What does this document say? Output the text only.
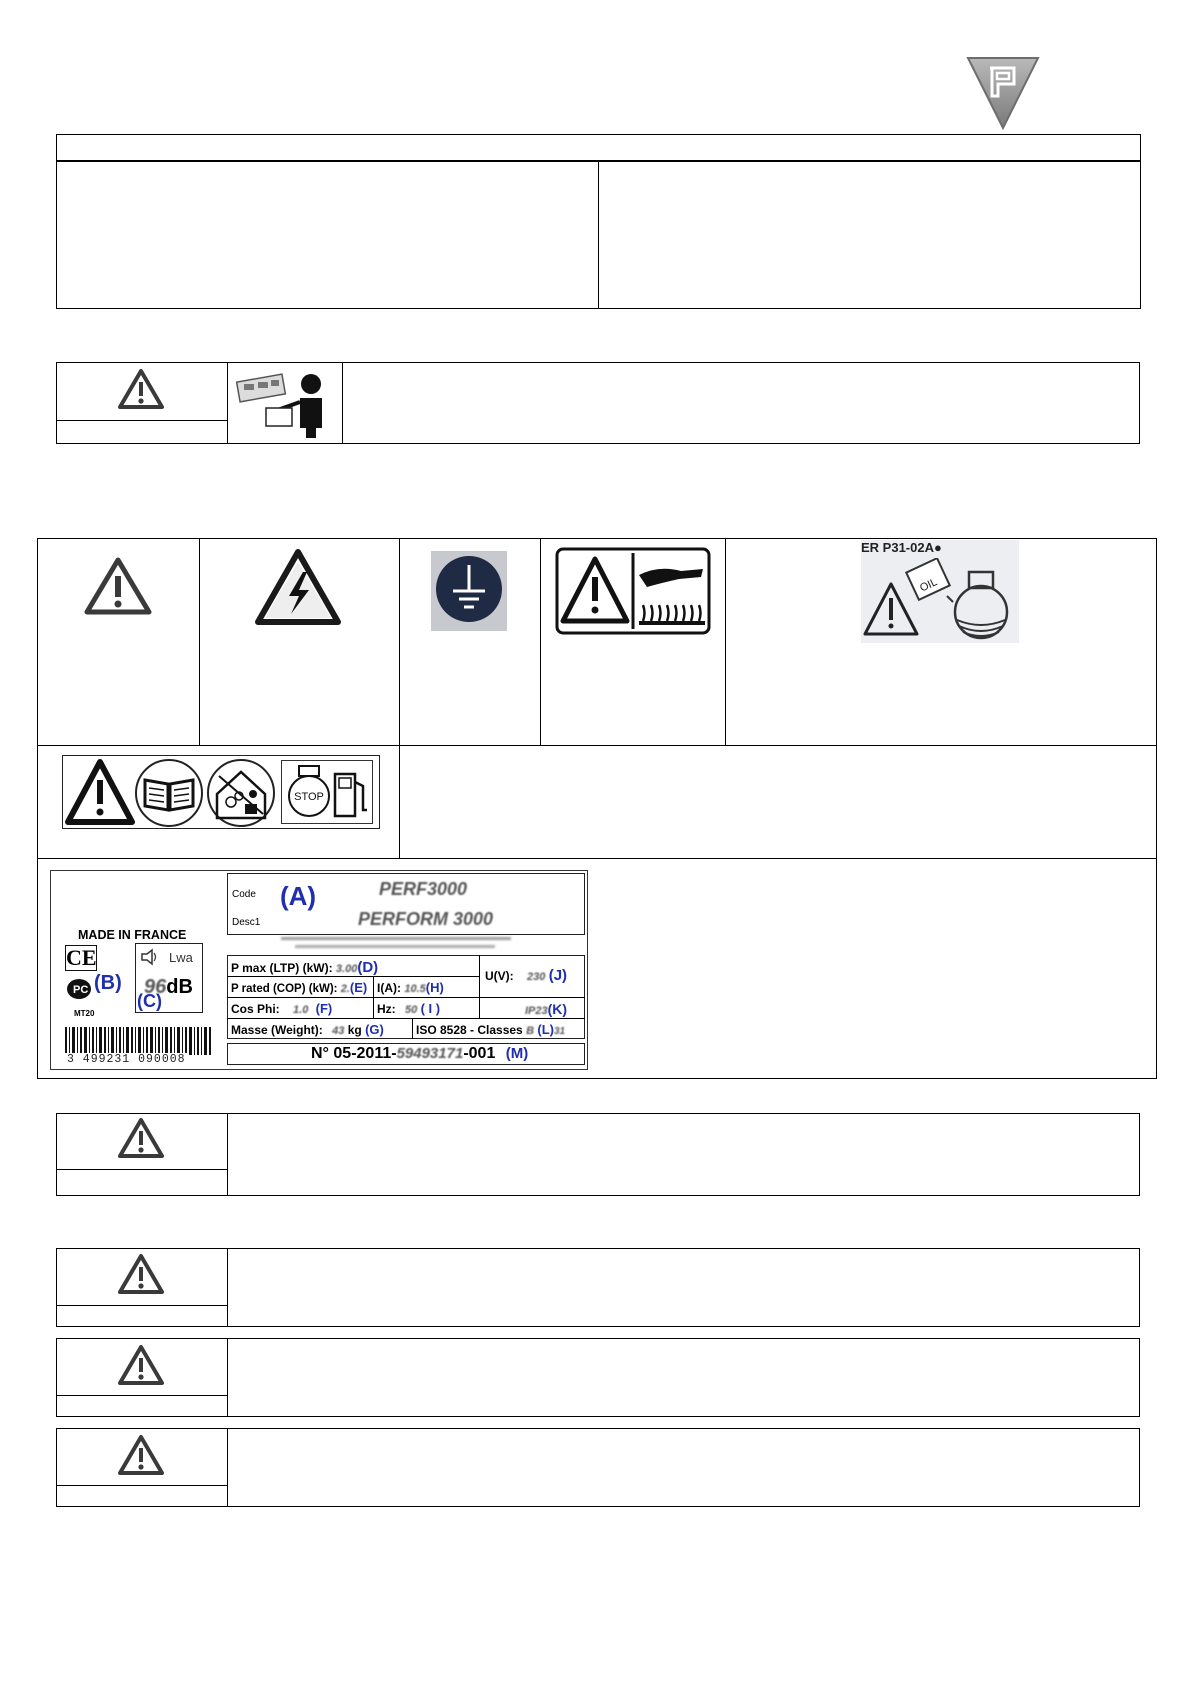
ER P31-02A●
OIL
STOP
MADE IN FRANCE
CE
PC (B)
MT20
Lwa
96dB
(C)
3 499231 090008
Code (A)	PERF3000
Desc1	PERFORM 3000
P max (LTP) (kW): 3.00(D)
P rated (COP) (kW): 2.(E) I(A): 10.5(H)
U(V): 230 (J)
Cos Phi: 1.0 (F)	Hz: 50 ( I )	IP23(K)
Masse (Weight): 43 kg (G)	ISO 8528 - Classes B (L)31
N° 05-2011-59493171-001 (M)
